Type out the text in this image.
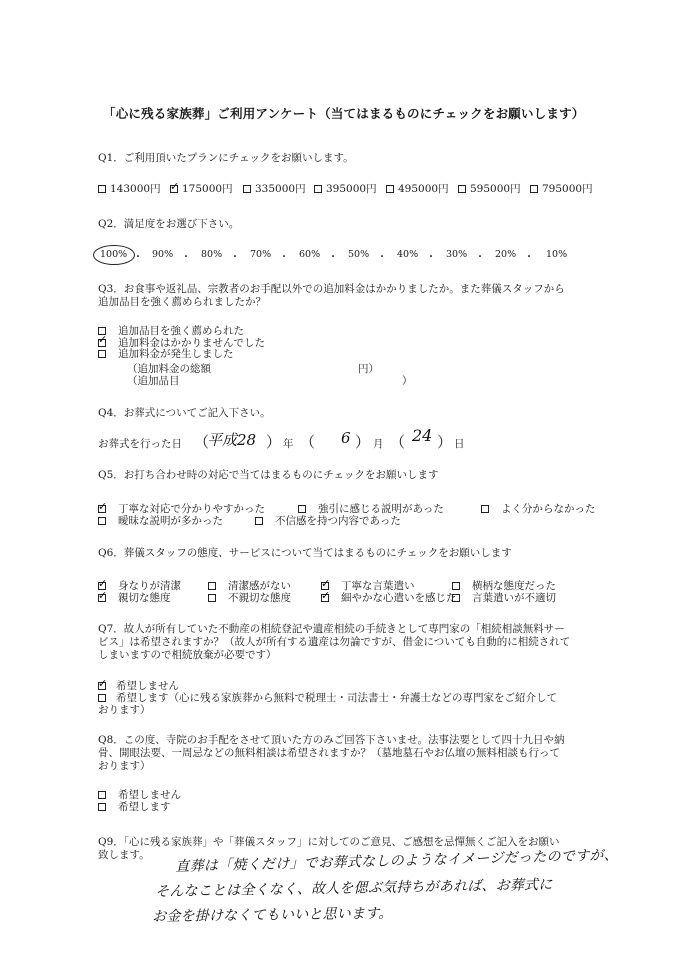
「心に残る家族葬」ご利用アンケート（当てはまるものにチェックをお願いします）
Q1．ご利用頂いたプランにチェックをお願いします。
143000円 ✓	175000円	335000円	395000円	495000円	595000円	795000円
Q2．満足度をお選び下さい。
100% ・ 90% ・ 80% ・ 70% ・ 60% ・ 50% ・ 40% ・ 30% ・ 20% ・ 10%
Q3．お食事や返礼品、宗教者のお手配以外での追加料金はかかりましたか。また葬儀スタッフから
追加品目を強く薦められましたか？
追加品目を強く薦められた
✓追加料金はかかりませんでした
追加料金が発生しました
（追加料金の総額	円）
（追加品目	）
Q4．お葬式についてご記入下さい。
お葬式を行った日 （
平成28 ） 年 （ 6 ） 月 （ 24 ） 日
Q5．お打ち合わせ時の対応で当てはまるものにチェックをお願いします
✓丁寧な対応で分かりやすかった	強引に感じる説明があった	よく分からなかった
曖昧な説明が多かった	不信感を持つ内容であった
Q6．葬儀スタッフの態度、サービスについて当てはまるものにチェックをお願いします
✓身なりが清潔	清潔感がない ✓	丁寧な言葉遣い	横柄な態度だった
✓親切な態度	不親切な態度 ✓	細やかな心遣いを感じた	言葉遣いが不適切
Q7．故人が所有していた不動産の相続登記や遺産相続の手続きとして専門家の「相続相談無料サー
ビス」は希望されますか？（故人が所有する遺産は勿論ですが、借金についても自動的に相続されて
しまいますので相続放棄が必要です）
✓希望しません
希望します（心に残る家族葬から無料で税理士・司法書士・弁護士などの専門家をご紹介して
おります）
Q8．この度、寺院のお手配をさせて頂いた方のみご回答下さいませ。法事法要として四十九日や納
骨、開眼法要、一周忌などの無料相談は希望されますか？（墓地墓石やお仏壇の無料相談も行って
おります）
希望しません
希望します
Q9．「心に残る家族葬」や「葬儀スタッフ」に対してのご意見、ご感想を忌憚無くご記入をお願い
致します。 直葬は「焼くだけ」でお葬式なしのようなイメージだったのですが、
そんなことは全くなく、故人を偲ぶ気持ちがあれば、お葬式に
お金を掛けなくてもいいと思います。
